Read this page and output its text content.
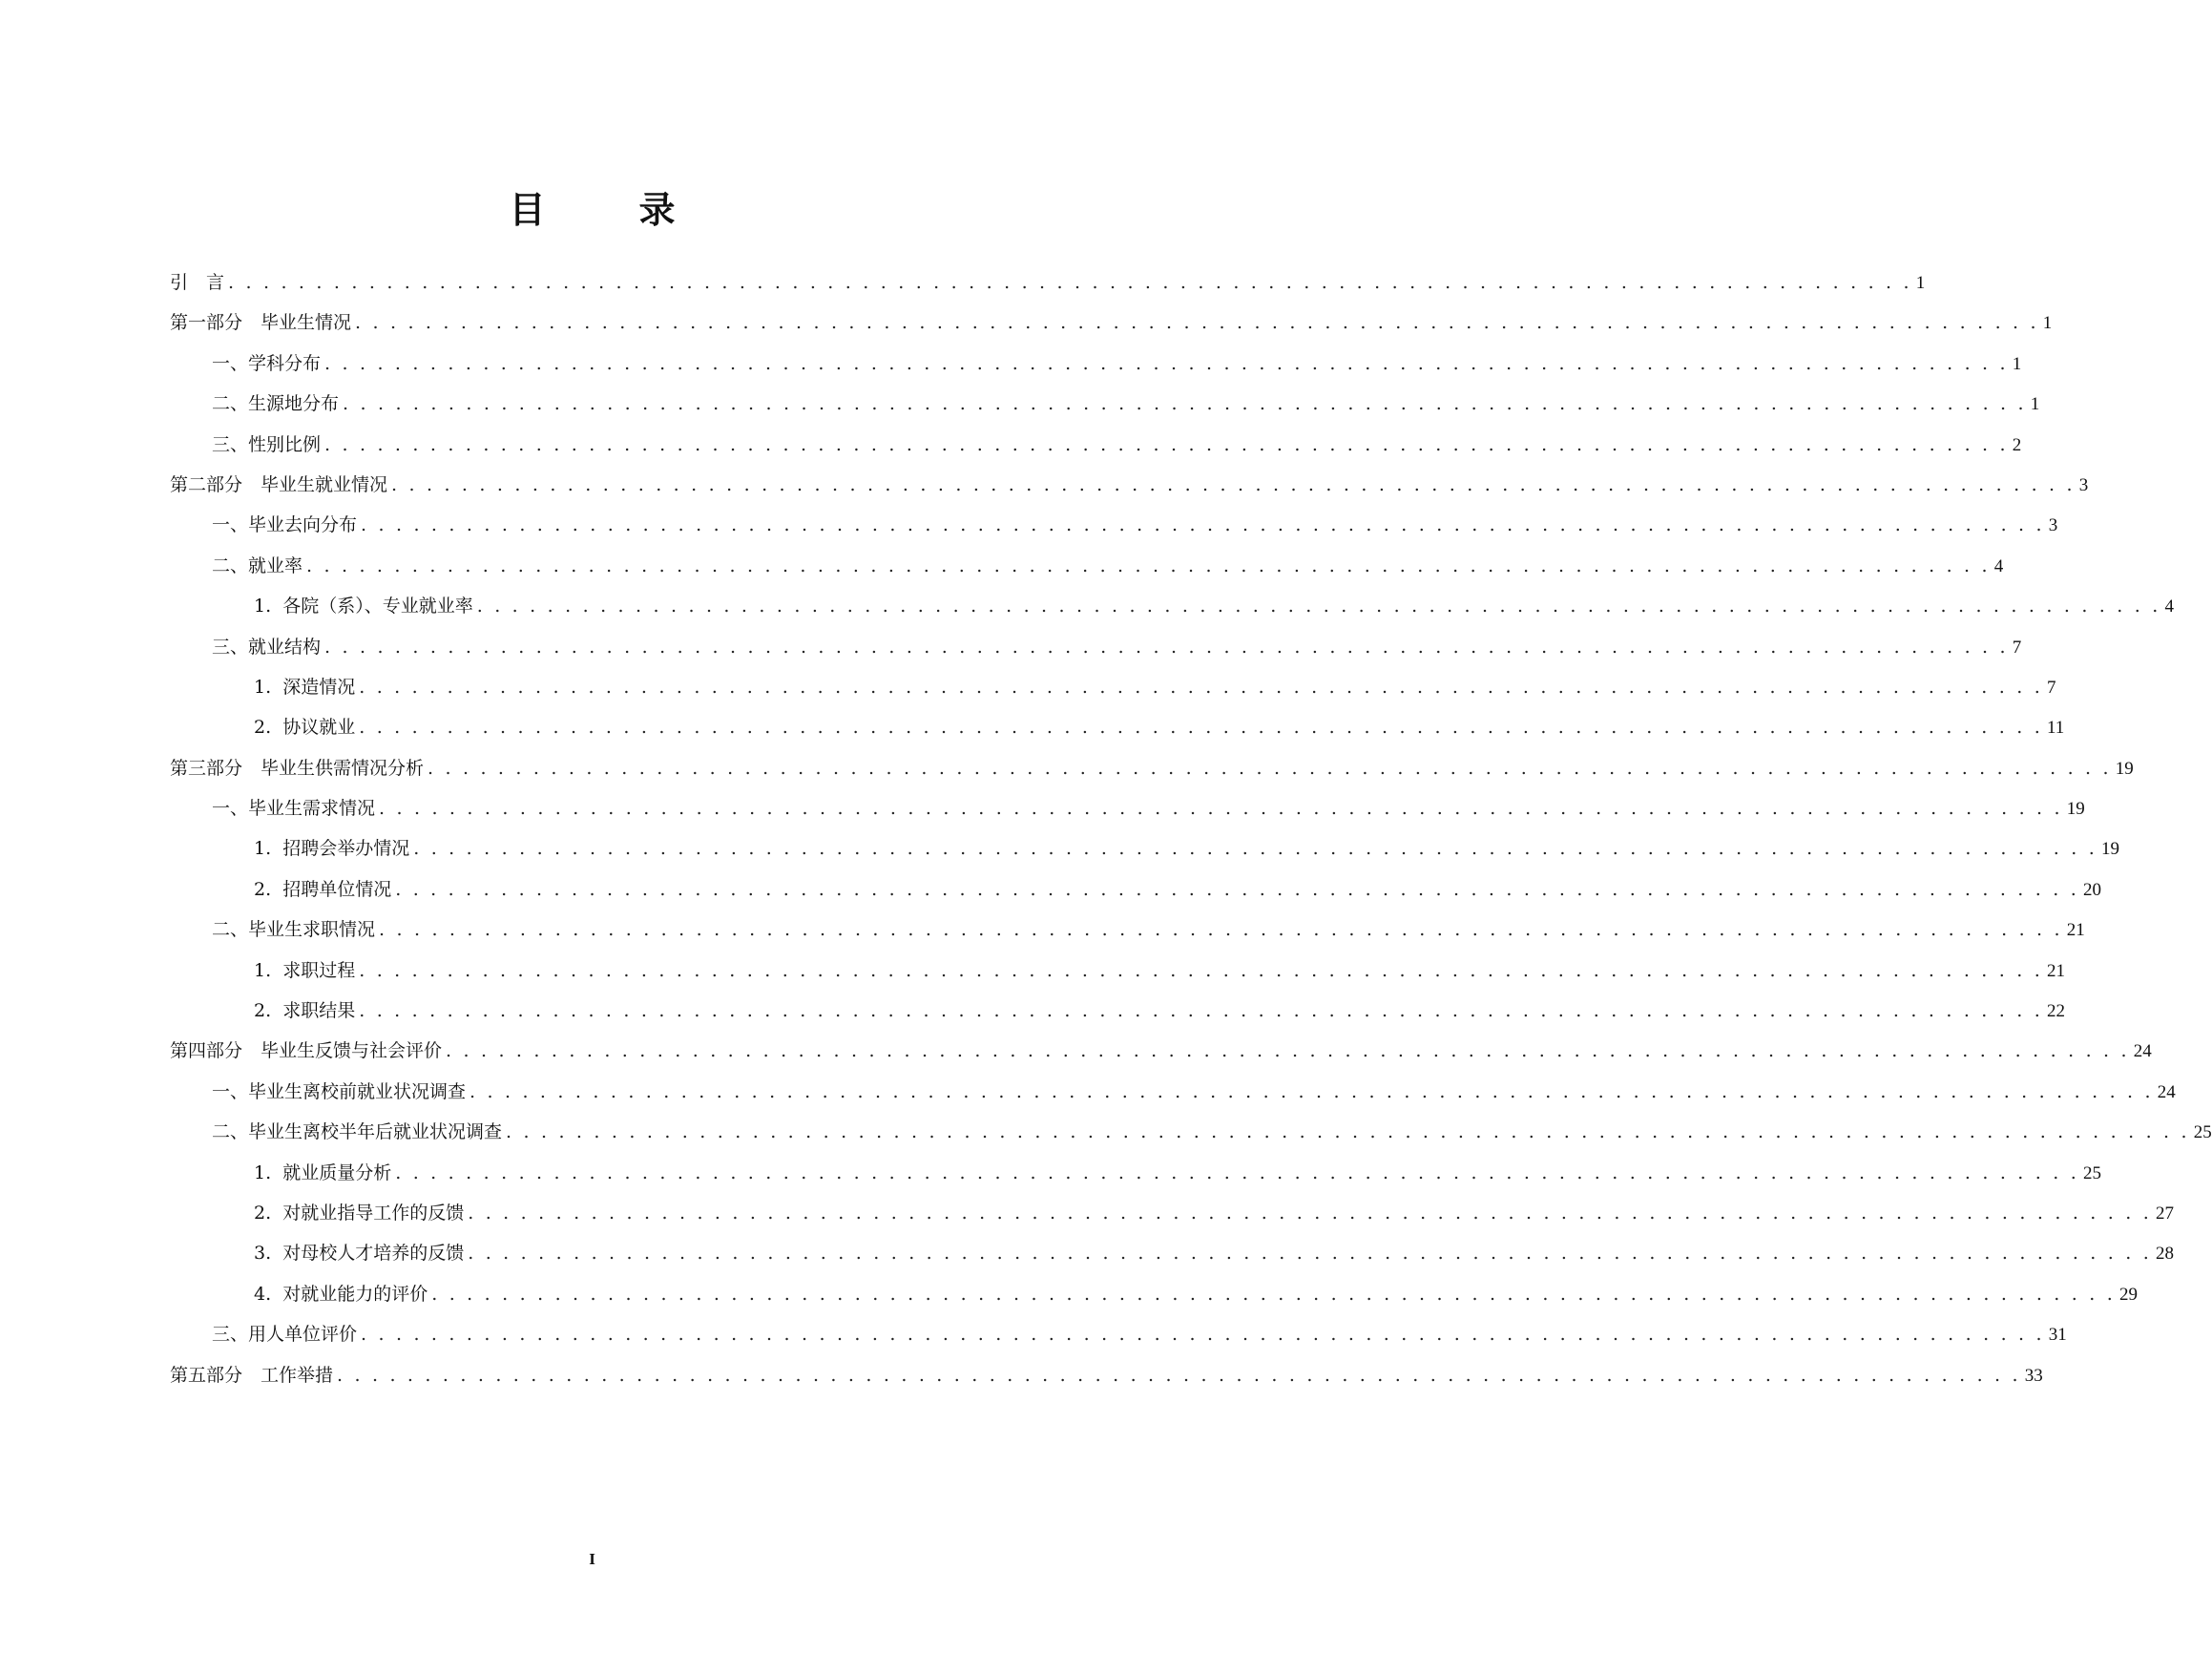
目　录
引　言 . . . . . . . . . . . . . . . . . . . . . . . . . . . . . . . . . . . . . . . . . . . . . . . . . . . . . . . . . . . . . . . . . . . . . . . . . . . . . . . . . . . . . . . . . . . . . . . . 1
第一部分　毕业生情况 . . . . . . . . . . . . . . . . . . . . . . . . . . . . . . . . . . . . . . . . . . . . . . . . . . . . . . . . . . . . . . . . . . . . . . . . . . . . . . . . . . . . . . . . . . . . . . . . 1
一、学科分布 . . . . . . . . . . . . . . . . . . . . . . . . . . . . . . . . . . . . . . . . . . . . . . . . . . . . . . . . . . . . . . . . . . . . . . . . . . . . . . . . . . . . . . . . . . . . . . . . 1
二、生源地分布 . . . . . . . . . . . . . . . . . . . . . . . . . . . . . . . . . . . . . . . . . . . . . . . . . . . . . . . . . . . . . . . . . . . . . . . . . . . . . . . . . . . . . . . . . . . . . . . . 1
三、性别比例 . . . . . . . . . . . . . . . . . . . . . . . . . . . . . . . . . . . . . . . . . . . . . . . . . . . . . . . . . . . . . . . . . . . . . . . . . . . . . . . . . . . . . . . . . . . . . . . . 2
第二部分　毕业生就业情况 . . . . . . . . . . . . . . . . . . . . . . . . . . . . . . . . . . . . . . . . . . . . . . . . . . . . . . . . . . . . . . . . . . . . . . . . . . . . . . . . . . . . . . . . . . . . . . . . 3
一、毕业去向分布 . . . . . . . . . . . . . . . . . . . . . . . . . . . . . . . . . . . . . . . . . . . . . . . . . . . . . . . . . . . . . . . . . . . . . . . . . . . . . . . . . . . . . . . . . . . . . . . . 3
二、就业率 . . . . . . . . . . . . . . . . . . . . . . . . . . . . . . . . . . . . . . . . . . . . . . . . . . . . . . . . . . . . . . . . . . . . . . . . . . . . . . . . . . . . . . . . . . . . . . . . 4
1.  各院（系）、专业就业率 . . . . . . . . . . . . . . . . . . . . . . . . . . . . . . . . . . . . . . . . . . . . . . . . . . . . . . . . . . . . . . . . . . . . . . . . . . . . . . . . . . . . . . . . . . . . . . . . 4
三、就业结构 . . . . . . . . . . . . . . . . . . . . . . . . . . . . . . . . . . . . . . . . . . . . . . . . . . . . . . . . . . . . . . . . . . . . . . . . . . . . . . . . . . . . . . . . . . . . . . . . 7
1.  深造情况 . . . . . . . . . . . . . . . . . . . . . . . . . . . . . . . . . . . . . . . . . . . . . . . . . . . . . . . . . . . . . . . . . . . . . . . . . . . . . . . . . . . . . . . . . . . . . . . . 7
2.  协议就业 . . . . . . . . . . . . . . . . . . . . . . . . . . . . . . . . . . . . . . . . . . . . . . . . . . . . . . . . . . . . . . . . . . . . . . . . . . . . . . . . . . . . . . . . . . . . . . . . 11
第三部分　毕业生供需情况分析 . . . . . . . . . . . . . . . . . . . . . . . . . . . . . . . . . . . . . . . . . . . . . . . . . . . . . . . . . . . . . . . . . . . . . . . . . . . . . . . . . . . . . . . . . . . . . . . . 19
一、毕业生需求情况 . . . . . . . . . . . . . . . . . . . . . . . . . . . . . . . . . . . . . . . . . . . . . . . . . . . . . . . . . . . . . . . . . . . . . . . . . . . . . . . . . . . . . . . . . . . . . . . . 19
1.  招聘会举办情况 . . . . . . . . . . . . . . . . . . . . . . . . . . . . . . . . . . . . . . . . . . . . . . . . . . . . . . . . . . . . . . . . . . . . . . . . . . . . . . . . . . . . . . . . . . . . . . . . 19
2.  招聘单位情况 . . . . . . . . . . . . . . . . . . . . . . . . . . . . . . . . . . . . . . . . . . . . . . . . . . . . . . . . . . . . . . . . . . . . . . . . . . . . . . . . . . . . . . . . . . . . . . . . 20
二、毕业生求职情况 . . . . . . . . . . . . . . . . . . . . . . . . . . . . . . . . . . . . . . . . . . . . . . . . . . . . . . . . . . . . . . . . . . . . . . . . . . . . . . . . . . . . . . . . . . . . . . . . 21
1.  求职过程 . . . . . . . . . . . . . . . . . . . . . . . . . . . . . . . . . . . . . . . . . . . . . . . . . . . . . . . . . . . . . . . . . . . . . . . . . . . . . . . . . . . . . . . . . . . . . . . . 21
2.  求职结果 . . . . . . . . . . . . . . . . . . . . . . . . . . . . . . . . . . . . . . . . . . . . . . . . . . . . . . . . . . . . . . . . . . . . . . . . . . . . . . . . . . . . . . . . . . . . . . . . 22
第四部分　毕业生反馈与社会评价 . . . . . . . . . . . . . . . . . . . . . . . . . . . . . . . . . . . . . . . . . . . . . . . . . . . . . . . . . . . . . . . . . . . . . . . . . . . . . . . . . . . . . . . . . . . . . . . . 24
一、毕业生离校前就业状况调查 . . . . . . . . . . . . . . . . . . . . . . . . . . . . . . . . . . . . . . . . . . . . . . . . . . . . . . . . . . . . . . . . . . . . . . . . . . . . . . . . . . . . . . . . . . . . . . . . 24
二、毕业生离校半年后就业状况调查 . . . . . . . . . . . . . . . . . . . . . . . . . . . . . . . . . . . . . . . . . . . . . . . . . . . . . . . . . . . . . . . . . . . . . . . . . . . . . . . . . . . . . . . . . . . . . . . . 25
1.  就业质量分析 . . . . . . . . . . . . . . . . . . . . . . . . . . . . . . . . . . . . . . . . . . . . . . . . . . . . . . . . . . . . . . . . . . . . . . . . . . . . . . . . . . . . . . . . . . . . . . . . 25
2.  对就业指导工作的反馈 . . . . . . . . . . . . . . . . . . . . . . . . . . . . . . . . . . . . . . . . . . . . . . . . . . . . . . . . . . . . . . . . . . . . . . . . . . . . . . . . . . . . . . . . . . . . . . . . 27
3.  对母校人才培养的反馈 . . . . . . . . . . . . . . . . . . . . . . . . . . . . . . . . . . . . . . . . . . . . . . . . . . . . . . . . . . . . . . . . . . . . . . . . . . . . . . . . . . . . . . . . . . . . . . . . 28
4.  对就业能力的评价 . . . . . . . . . . . . . . . . . . . . . . . . . . . . . . . . . . . . . . . . . . . . . . . . . . . . . . . . . . . . . . . . . . . . . . . . . . . . . . . . . . . . . . . . . . . . . . . . 29
三、用人单位评价 . . . . . . . . . . . . . . . . . . . . . . . . . . . . . . . . . . . . . . . . . . . . . . . . . . . . . . . . . . . . . . . . . . . . . . . . . . . . . . . . . . . . . . . . . . . . . . . . 31
第五部分　工作举措 . . . . . . . . . . . . . . . . . . . . . . . . . . . . . . . . . . . . . . . . . . . . . . . . . . . . . . . . . . . . . . . . . . . . . . . . . . . . . . . . . . . . . . . . . . . . . . . . 33
I
